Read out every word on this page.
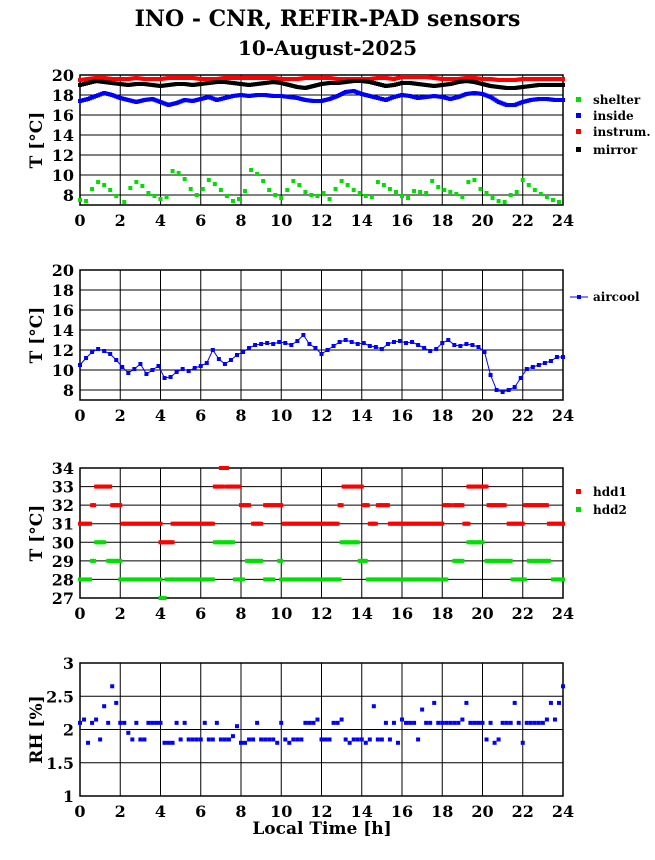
INO - CNR, REFIR-PAD sensors
10-August-2025
0 2 4 6 8 10 12 14 16 18 20 22 24
8
10
12
14
16
18
20
T [°C]
shelter
inside
instrum.
mirror
0 2 4 6 8 10 12 14 16 18 20 22 24
8
10
12
14
16
18
20
T [°C]
aircool
0 2 4 6 8 10 12 14 16 18 20 22 24
27
28
29
30
31
32
33
34
T [°C]
hdd1
hdd2
0 2 4 6 8 10 12 14 16 18 20 22 24
1
1.5
2
2.5
3
RH [%]
Local Time [h]
